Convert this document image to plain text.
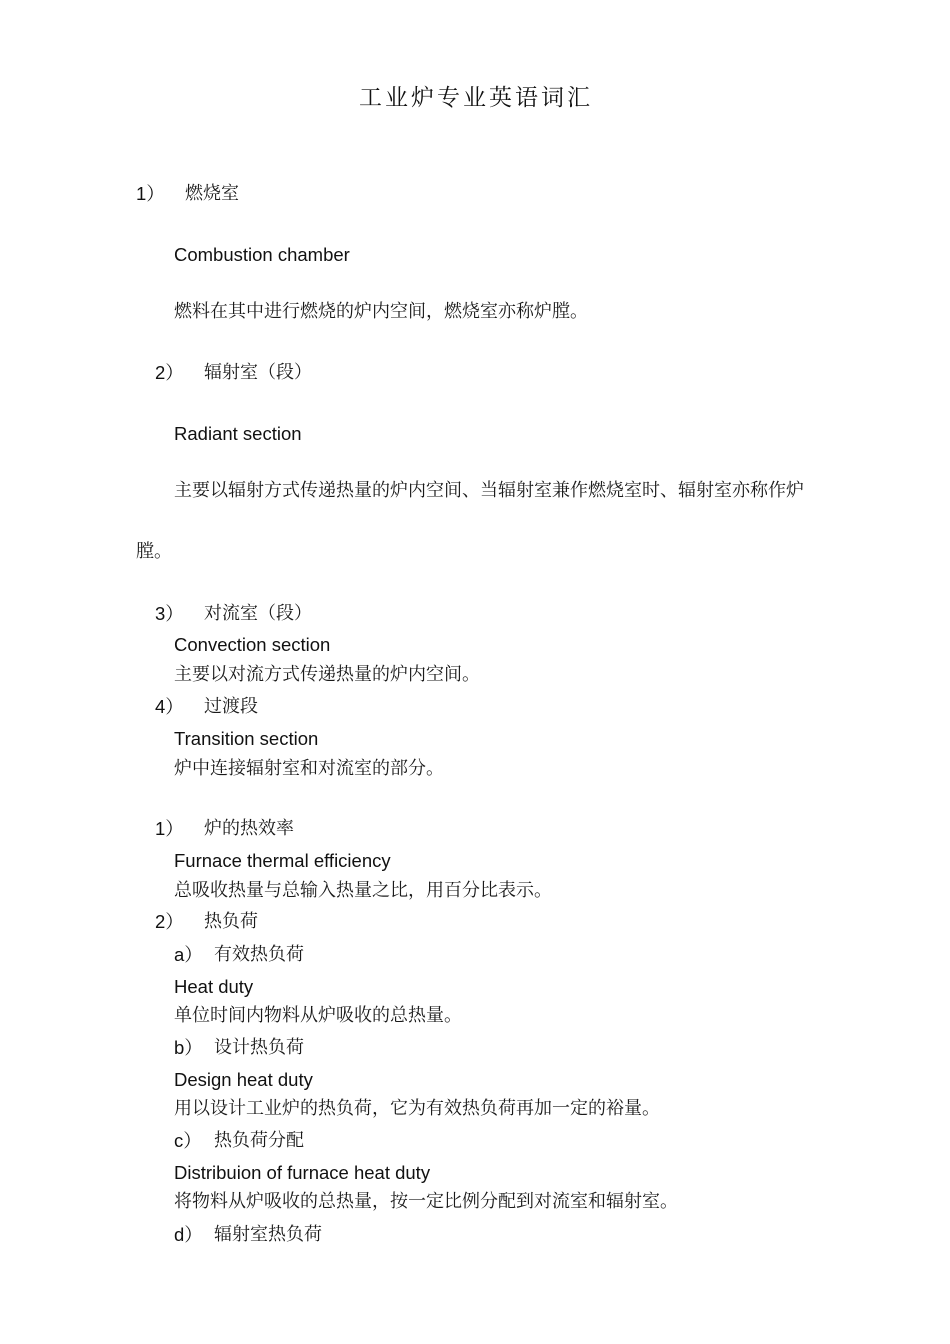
工业炉专业英语词汇
1） 燃烧室
Combustion chamber
燃料在其中进行燃烧的炉内空间，燃烧室亦称炉膛。
2） 辐射室（段）
Radiant section
主要以辐射方式传递热量的炉内空间、当辐射室兼作燃烧室时、辐射室亦称作炉
膛。
3） 对流室（段）
Convection section
主要以对流方式传递热量的炉内空间。
4） 过渡段
Transition section
炉中连接辐射室和对流室的部分。
1） 炉的热效率
Furnace thermal efficiency
总吸收热量与总输入热量之比，用百分比表示。
2） 热负荷
a） 有效热负荷
Heat duty
单位时间内物料从炉吸收的总热量。
b） 设计热负荷
Design heat duty
用以设计工业炉的热负荷，它为有效热负荷再加一定的裕量。
c） 热负荷分配
Distribuion of furnace heat duty
将物料从炉吸收的总热量，按一定比例分配到对流室和辐射室。
d） 辐射室热负荷
